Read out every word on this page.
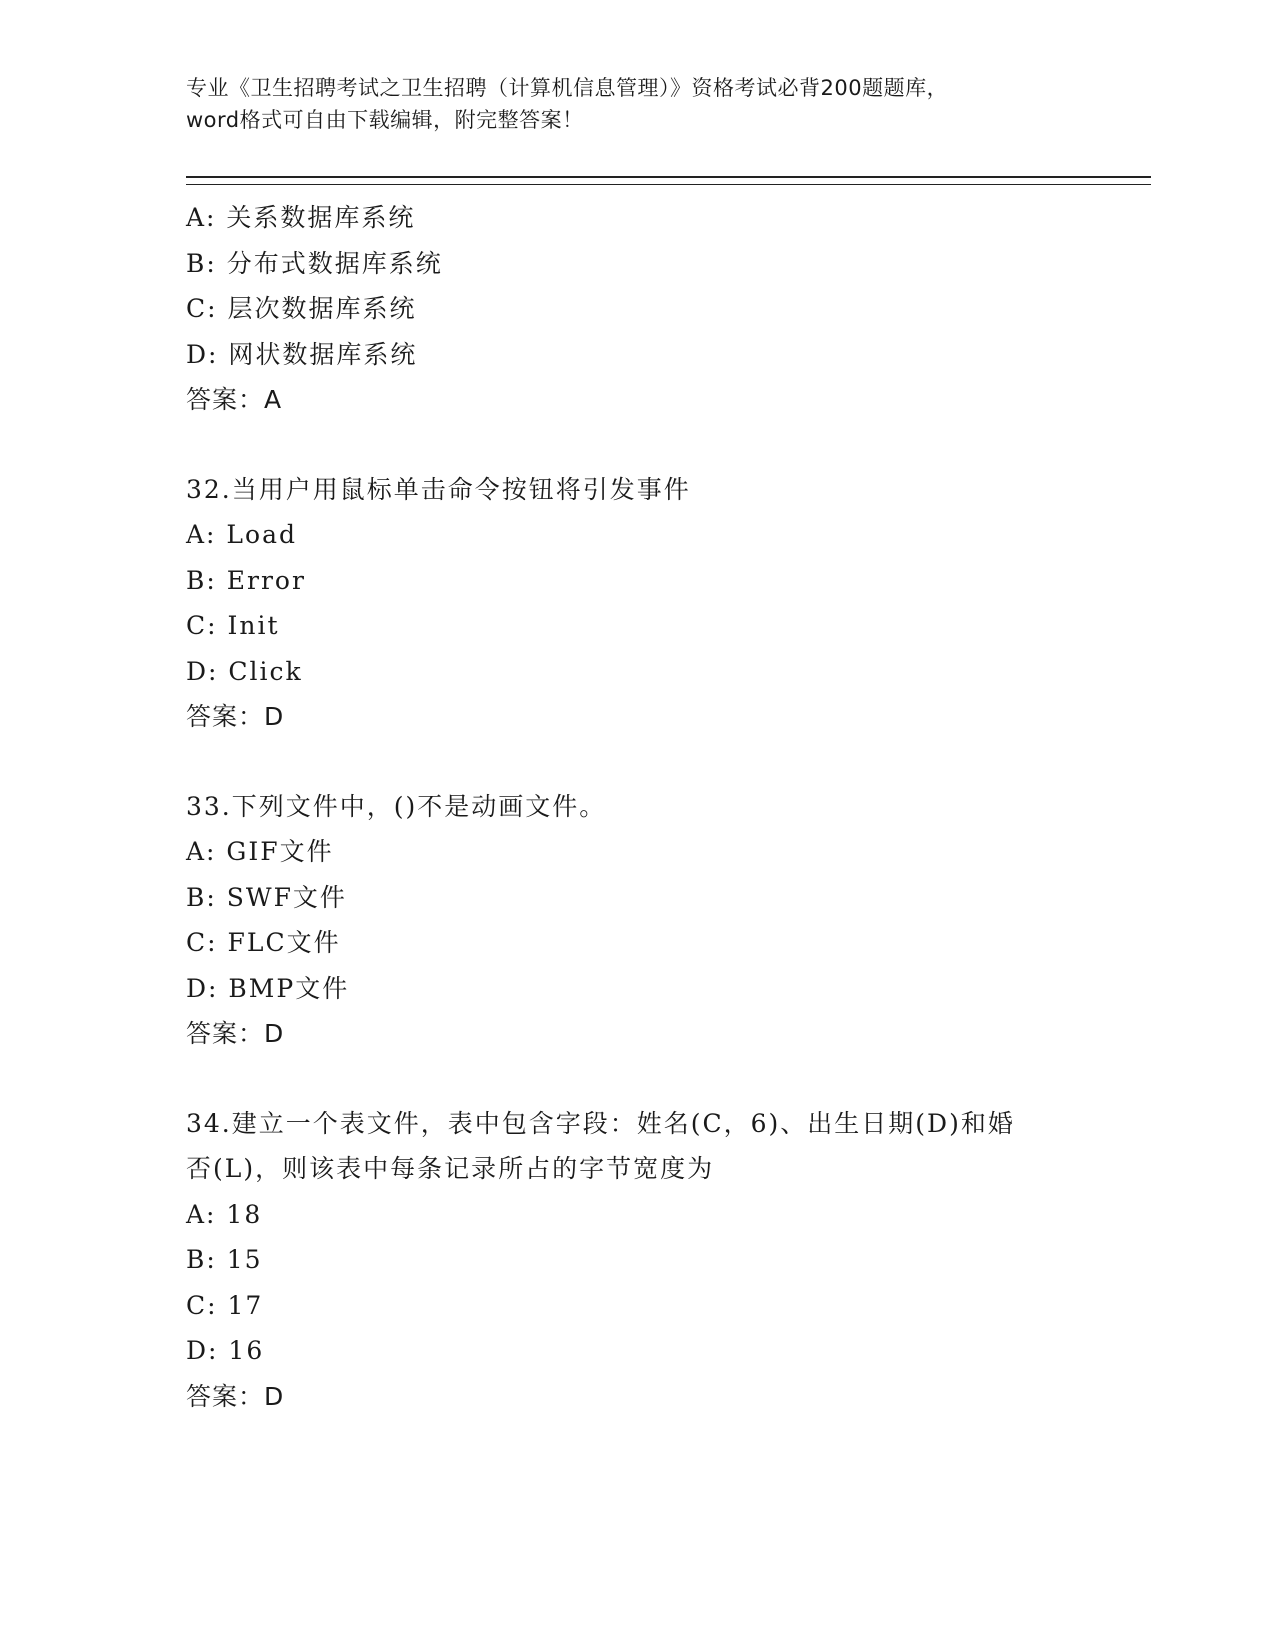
专业《卫生招聘考试之卫生招聘（计算机信息管理）》资格考试必背200题题库，
word格式可自由下载编辑，附完整答案！
A: 关系数据库系统
B: 分布式数据库系统
C: 层次数据库系统
D: 网状数据库系统
答案：A
32.当用户用鼠标单击命令按钮将引发事件
A: Load
B: Error
C: Init
D: Click
答案：D
33.下列文件中，()不是动画文件。
A: GIF文件
B: SWF文件
C: FLC文件
D: BMP文件
答案：D
34.建立一个表文件，表中包含字段：姓名(C，6)、出生日期(D)和婚
否(L)，则该表中每条记录所占的字节宽度为
A: 18
B: 15
C: 17
D: 16
答案：D
